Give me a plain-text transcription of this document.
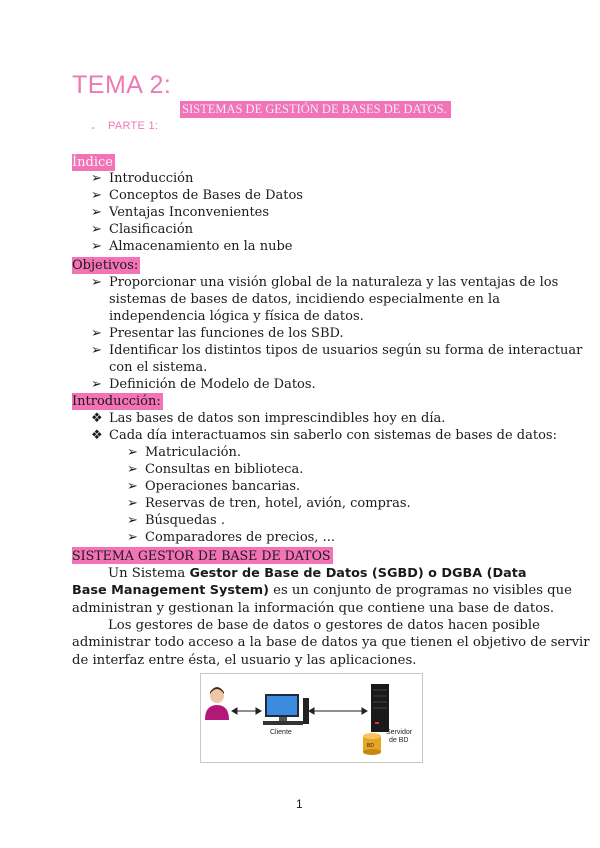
TEMA 2:
SISTEMAS DE GESTIÓN DE BASES DE DATOS.
- PARTE 1:
Índice
➢ Introducción
➢ Conceptos de Bases de Datos
➢ Ventajas Inconvenientes
➢ Clasificación
➢ Almacenamiento en la nube
Objetivos:
➢ Proporcionar una visión global de la naturaleza y las ventajas de los
sistemas de bases de datos, incidiendo especialmente en la
independencia lógica y física de datos.
➢ Presentar las funciones de los SBD.
➢ Identificar los distintos tipos de usuarios según su forma de interactuar
con el sistema.
➢ Definición de Modelo de Datos.
Introducción:
❖ Las bases de datos son imprescindibles hoy en día.
❖ Cada día interactuamos sin saberlo con sistemas de bases de datos:
➢ Matriculación.
➢ Consultas en biblioteca.
➢ Operaciones bancarias.
➢ Reservas de tren, hotel, avión, compras.
➢ Búsquedas .
➢ Comparadores de precios, ...
SISTEMA GESTOR DE BASE DE DATOS
Un Sistema Gestor de Base de Datos (SGBD) o DGBA (Data
Base Management System) es un conjunto de programas no visibles que
administran y gestionan la información que contiene una base de datos.
Los gestores de base de datos o gestores de datos hacen posible
administrar todo acceso a la base de datos ya que tienen el objetivo de servir
de interfaz entre ésta, el usuario y las aplicaciones.
Cliente
BD
Servidor
de BD
1
